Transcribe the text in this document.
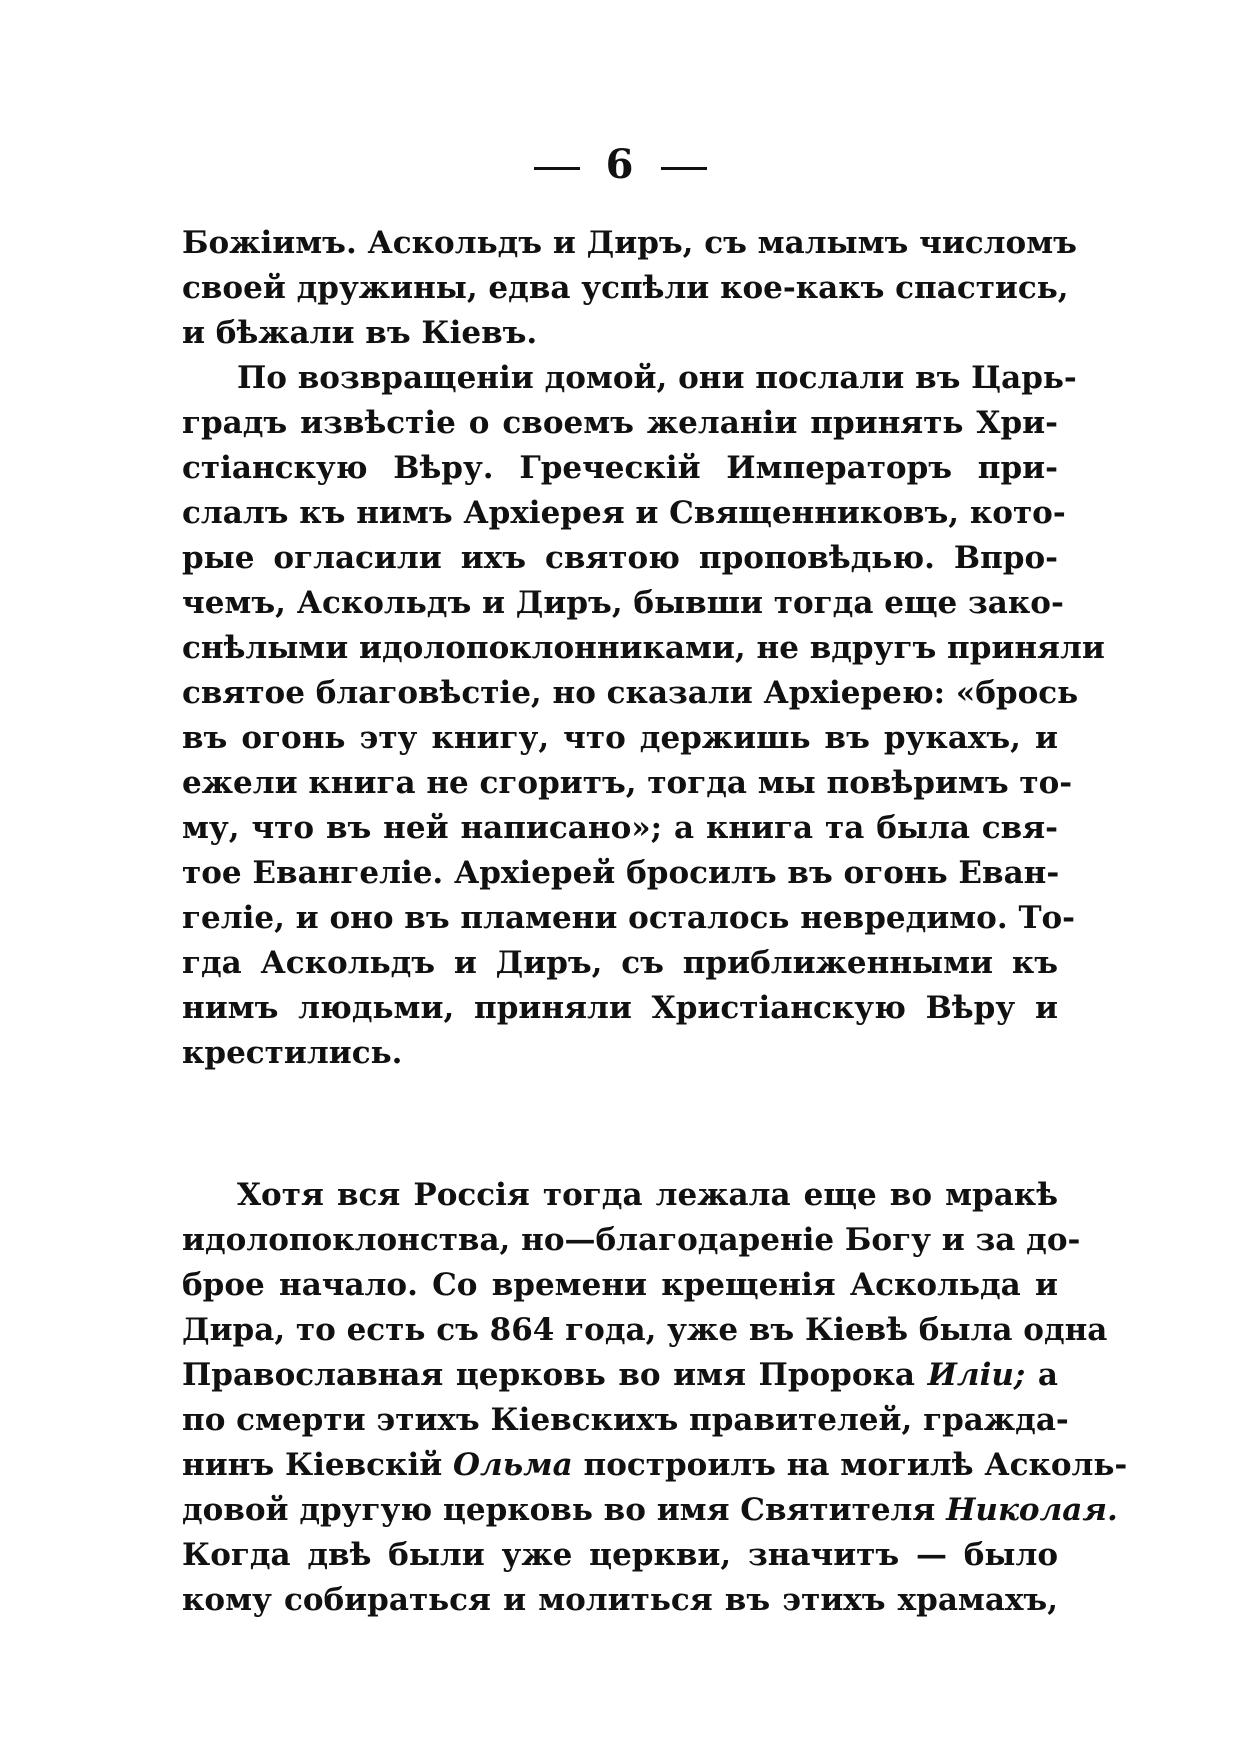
6
Божіимъ. Аскольдъ и Диръ, съ малымъ числомъ
своей дружины, едва успѣли кое-какъ спастись,
и бѣжали въ Кіевъ.
По возвращеніи домой, они послали въ Царь-
градъ извѣстіе о своемъ желаніи принять Хри-
стіанскую Вѣру. Греческій Императоръ при-
слалъ къ нимъ Архіерея и Священниковъ, кото-
рые огласили ихъ святою проповѣдью. Впро-
чемъ, Аскольдъ и Диръ, бывши тогда еще зако-
снѣлыми идолопоклонниками, не вдругъ приняли
святое благовѣстіе, но сказали Архіерею: «брось
въ огонь эту книгу, что держишь въ рукахъ, и
ежели книга не сгоритъ, тогда мы повѣримъ то-
му, что въ ней написано»; а книга та была свя-
тое Евангеліе. Архіерей бросилъ въ огонь Еван-
геліе, и оно въ пламени осталось невредимо. То-
гда Аскольдъ и Диръ, съ приближенными къ
нимъ людьми, приняли Христіанскую Вѣру и
крестились.
Хотя вся Россія тогда лежала еще во мракѣ
идолопоклонства, но—благодареніе Богу и за до-
брое начало. Со времени крещенія Аскольда и
Дира, то есть съ 864 года, уже въ Кіевѣ была одна
Православная церковь во имя Пророка Иліи; а
по смерти этихъ Кіевскихъ правителей, гражда-
нинъ Кіевскій Ольма построилъ на могилѣ Асколь-
довой другую церковь во имя Святителя Николая.
Когда двѣ были уже церкви, значитъ — было
кому собираться и молиться въ этихъ храмахъ,
